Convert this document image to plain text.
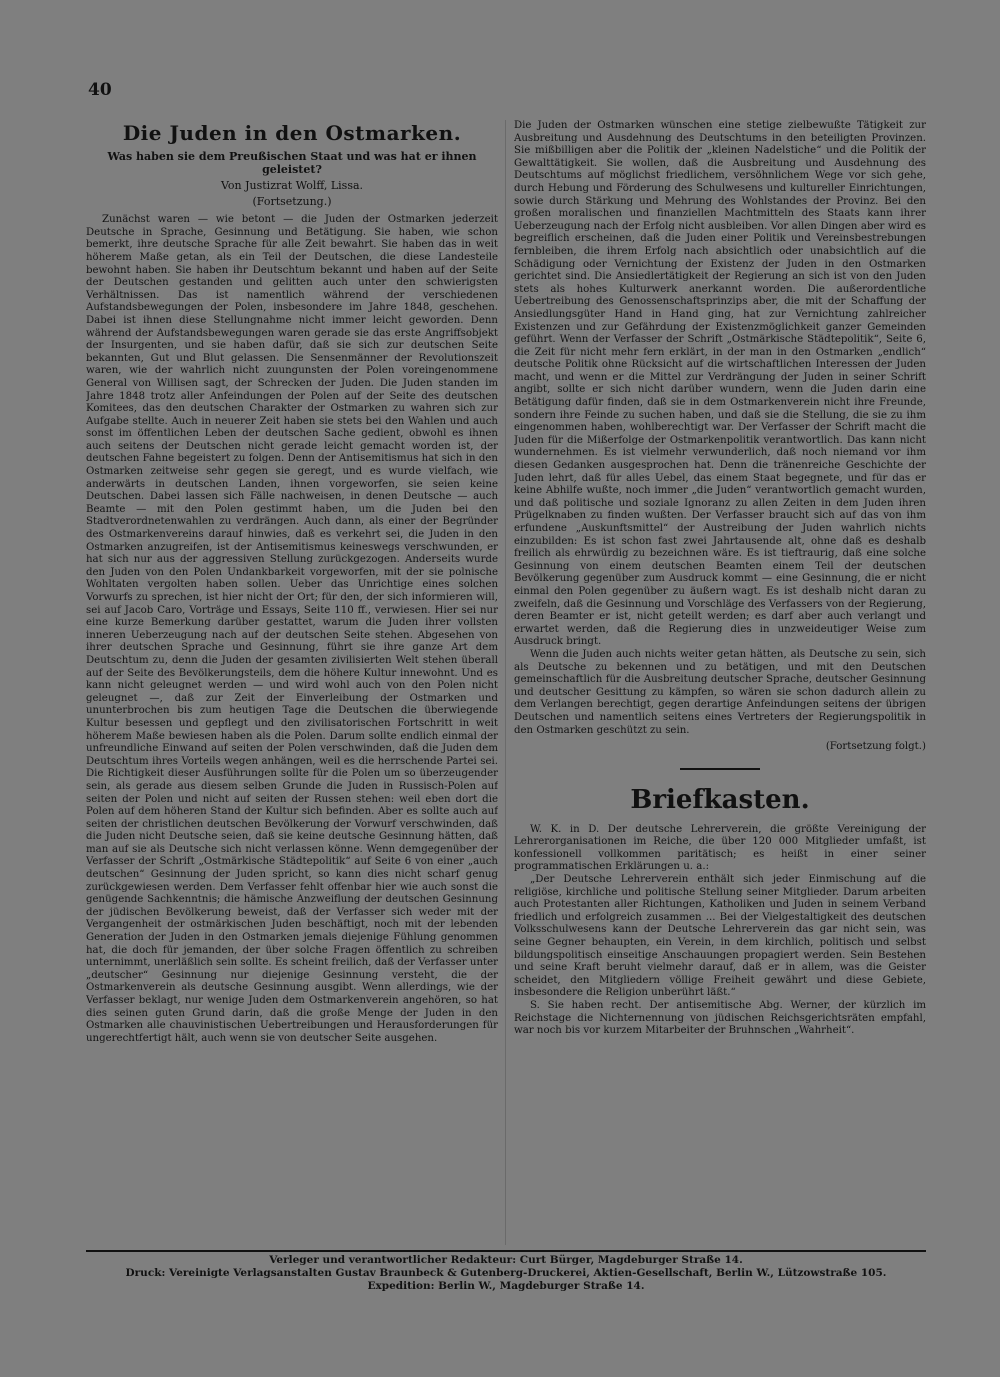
40
Die Juden in den Ostmarken.
Was haben sie dem Preußischen Staat und was hat er ihnen geleistet?
Von Justizrat Wolff, Lissa.
(Fortsetzung.)

Zunächst waren — wie betont — die Juden der Ostmarken jederzeit Deutsche in Sprache, Gesinnung und Betätigung. Sie haben, wie schon bemerkt, ihre deutsche Sprache für alle Zeit bewahrt. Sie haben das in weit höherem Maße getan, als ein Teil der Deutschen, die diese Landesteile bewohnt haben. Sie haben ihr Deutschtum bekannt und haben auf der Seite der Deutschen gestanden und gelitten auch unter den schwierigsten Verhältnissen. Das ist namentlich während der verschiedenen Aufstandsbewegungen der Polen, insbesondere im Jahre 1848, geschehen. Dabei ist ihnen diese Stellungnahme nicht immer leicht geworden. Denn während der Aufstandsbewegungen waren gerade sie das erste Angriffsobjekt der Insurgenten, und sie haben dafür, daß sie sich zur deutschen Seite bekannten, Gut und Blut gelassen. Die Sensenmänner der Revolutionszeit waren, wie der wahrlich nicht zuungunsten der Polen voreingenommene General von Willisen sagt, der Schrecken der Juden. Die Juden standen im Jahre 1848 trotz aller Anfeindungen der Polen auf der Seite des deutschen Komitees, das den deutschen Charakter der Ostmarken zu wahren sich zur Aufgabe stellte. Auch in neuerer Zeit haben sie stets bei den Wahlen und auch sonst im öffentlichen Leben der deutschen Sache gedient, obwohl es ihnen auch seitens der Deutschen nicht gerade leicht gemacht worden ist, der deutschen Fahne begeistert zu folgen. Denn der Antisemitismus hat sich in den Ostmarken zeitweise sehr gegen sie geregt, und es wurde vielfach, wie anderwärts in deutschen Landen, ihnen vorgeworfen, sie seien keine Deutschen. Dabei lassen sich Fälle nachweisen, in denen Deutsche — auch Beamte — mit den Polen gestimmt haben, um die Juden bei den Stadtverordnetenwahlen zu verdrängen. Auch dann, als einer der Begründer des Ostmarkenvereins darauf hinwies, daß es verkehrt sei, die Juden in den Ostmarken anzugreifen, ist der Antisemitismus keineswegs verschwunden, er hat sich nur aus der aggressiven Stellung zurückgezogen. Anderseits wurde den Juden von den Polen Undankbarkeit vorgeworfen, mit der sie polnische Wohltaten vergolten haben sollen. Ueber das Unrichtige eines solchen Vorwurfs zu sprechen, ist hier nicht der Ort; für den, der sich informieren will, sei auf Jacob Caro, Vorträge und Essays, Seite 110 ff., verwiesen. Hier sei nur eine kurze Bemerkung darüber gestattet, warum die Juden ihrer vollsten inneren Ueberzeugung nach auf der deutschen Seite stehen. Abgesehen von ihrer deutschen Sprache und Gesinnung, führt sie ihre ganze Art dem Deutschtum zu, denn die Juden der gesamten zivilisierten Welt stehen überall auf der Seite des Bevölkerungsteils, dem die höhere Kultur innewohnt. Und es kann nicht geleugnet werden — und wird wohl auch von den Polen nicht geleugnet —, daß zur Zeit der Einverleibung der Ostmarken und ununterbrochen bis zum heutigen Tage die Deutschen die überwiegende Kultur besessen und gepflegt und den zivilisatorischen Fortschritt in weit höherem Maße bewiesen haben als die Polen. Darum sollte endlich einmal der unfreundliche Einwand auf seiten der Polen verschwinden, daß die Juden dem Deutschtum ihres Vorteils wegen anhängen, weil es die herrschende Partei sei. Die Richtigkeit dieser Ausführungen sollte für die Polen um so überzeugender sein, als gerade aus diesem selben Grunde die Juden in Russisch-Polen auf seiten der Polen und nicht auf seiten der Russen stehen: weil eben dort die Polen auf dem höheren Stand der Kultur sich befinden. Aber es sollte auch auf seiten der christlichen deutschen Bevölkerung der Vorwurf verschwinden, daß die Juden nicht Deutsche seien, daß sie keine deutsche Gesinnung hätten, daß man auf sie als Deutsche sich nicht verlassen könne. Wenn demgegenüber der Verfasser der Schrift „Ostmärkische Städtepolitik“ auf Seite 6 von einer „auch deutschen“ Gesinnung der Juden spricht, so kann dies nicht scharf genug zurückgewiesen werden. Dem Verfasser fehlt offenbar hier wie auch sonst die genügende Sachkenntnis; die hämische Anzweiflung der deutschen Gesinnung der jüdischen Bevölkerung beweist, daß der Verfasser sich weder mit der Vergangenheit der ostmärkischen Juden beschäftigt, noch mit der lebenden Generation der Juden in den Ostmarken jemals diejenige Fühlung genommen hat, die doch für jemanden, der über solche Fragen öffentlich zu schreiben unternimmt, unerläßlich sein sollte. Es scheint freilich, daß der Verfasser unter „deutscher“ Gesinnung nur diejenige Gesinnung versteht, die der Ostmarkenverein als deutsche Gesinnung ausgibt. Wenn allerdings, wie der Verfasser beklagt, nur wenige Juden dem Ostmarkenverein angehören, so hat dies seinen guten Grund darin, daß die große Menge der Juden in den Ostmarken alle chauvinistischen Uebertreibungen und Herausforderungen für ungerechtfertigt hält, auch wenn sie von deutscher Seite ausgehen.

Die Juden der Ostmarken wünschen eine stetige zielbewußte Tätigkeit zur Ausbreitung und Ausdehnung des Deutschtums in den beteiligten Provinzen. Sie mißbilligen aber die Politik der „kleinen Nadelstiche“ und die Politik der Gewalttätigkeit. Sie wollen, daß die Ausbreitung und Ausdehnung des Deutschtums auf möglichst friedlichem, versöhnlichem Wege vor sich gehe, durch Hebung und Förderung des Schulwesens und kultureller Einrichtungen, sowie durch Stärkung und Mehrung des Wohlstandes der Provinz. Bei den großen moralischen und finanziellen Machtmitteln des Staats kann ihrer Ueberzeugung nach der Erfolg nicht ausbleiben. Vor allen Dingen aber wird es begreiflich erscheinen, daß die Juden einer Politik und Vereinsbestrebungen fernbleiben, die ihrem Erfolg nach absichtlich oder unabsichtlich auf die Schädigung oder Vernichtung der Existenz der Juden in den Ostmarken gerichtet sind. Die Ansiedlertätigkeit der Regierung an sich ist von den Juden stets als hohes Kulturwerk anerkannt worden. Die außerordentliche Uebertreibung des Genossenschaftsprinzips aber, die mit der Schaffung der Ansiedlungsgüter Hand in Hand ging, hat zur Vernichtung zahlreicher Existenzen und zur Gefährdung der Existenzmöglichkeit ganzer Gemeinden geführt. Wenn der Verfasser der Schrift „Ostmärkische Städtepolitik“, Seite 6, die Zeit für nicht mehr fern erklärt, in der man in den Ostmarken „endlich“ deutsche Politik ohne Rücksicht auf die wirtschaftlichen Interessen der Juden macht, und wenn er die Mittel zur Verdrängung der Juden in seiner Schrift angibt, sollte er sich nicht darüber wundern, wenn die Juden darin eine Betätigung dafür finden, daß sie in dem Ostmarkenverein nicht ihre Freunde, sondern ihre Feinde zu suchen haben, und daß sie die Stellung, die sie zu ihm eingenommen haben, wohlberechtigt war. Der Verfasser der Schrift macht die Juden für die Mißerfolge der Ostmarkenpolitik verantwortlich. Das kann nicht wundernehmen. Es ist vielmehr verwunderlich, daß noch niemand vor ihm diesen Gedanken ausgesprochen hat. Denn die tränenreiche Geschichte der Juden lehrt, daß für alles Uebel, das einem Staat begegnete, und für das er keine Abhilfe wußte, noch immer „die Juden“ verantwortlich gemacht wurden, und daß politische und soziale Ignoranz zu allen Zeiten in dem Juden ihren Prügelknaben zu finden wußten. Der Verfasser braucht sich auf das von ihm erfundene „Auskunftsmittel“ der Austreibung der Juden wahrlich nichts einzubilden: Es ist schon fast zwei Jahrtausende alt, ohne daß es deshalb freilich als ehrwürdig zu bezeichnen wäre. Es ist tieftraurig, daß eine solche Gesinnung von einem deutschen Beamten einem Teil der deutschen Bevölkerung gegenüber zum Ausdruck kommt — eine Gesinnung, die er nicht einmal den Polen gegenüber zu äußern wagt. Es ist deshalb nicht daran zu zweifeln, daß die Gesinnung und Vorschläge des Verfassers von der Regierung, deren Beamter er ist, nicht geteilt werden; es darf aber auch verlangt und erwartet werden, daß die Regierung dies in unzweideutiger Weise zum Ausdruck bringt.

Wenn die Juden auch nichts weiter getan hätten, als Deutsche zu sein, sich als Deutsche zu bekennen und zu betätigen, und mit den Deutschen gemeinschaftlich für die Ausbreitung deutscher Sprache, deutscher Gesinnung und deutscher Gesittung zu kämpfen, so wären sie schon dadurch allein zu dem Verlangen berechtigt, gegen derartige Anfeindungen seitens der übrigen Deutschen und namentlich seitens eines Vertreters der Regierungspolitik in den Ostmarken geschützt zu sein.

(Fortsetzung folgt.)
Briefkasten.

W. K. in D. Der deutsche Lehrerverein, die größte Vereinigung der Lehrerorganisationen im Reiche, die über 120 000 Mitglieder umfaßt, ist konfessionell vollkommen paritätisch; es heißt in einer seiner programmatischen Erklärungen u. a.:

„Der Deutsche Lehrerverein enthält sich jeder Einmischung auf die religiöse, kirchliche und politische Stellung seiner Mitglieder. Darum arbeiten auch Protestanten aller Richtungen, Katholiken und Juden in seinem Verband friedlich und erfolgreich zusammen ... Bei der Vielgestaltigkeit des deutschen Volksschulwesens kann der Deutsche Lehrerverein das gar nicht sein, was seine Gegner behaupten, ein Verein, in dem kirchlich, politisch und selbst bildungspolitisch einseitige Anschauungen propagiert werden. Sein Bestehen und seine Kraft beruht vielmehr darauf, daß er in allem, was die Geister scheidet, den Mitgliedern völlige Freiheit gewährt und diese Gebiete, insbesondere die Religion unberührt läßt.“

S. Sie haben recht. Der antisemitische Abg. Werner, der kürzlich im Reichstage die Nichternennung von jüdischen Reichsgerichtsräten empfahl, war noch bis vor kurzem Mitarbeiter der Bruhnschen „Wahrheit“.

Verleger und verantwortlicher Redakteur: Curt Bürger, Magdeburger Straße 14.
Druck: Vereinigte Verlagsanstalten Gustav Braunbeck & Gutenberg-Druckerei, Aktien-Gesellschaft, Berlin W., Lützowstraße 105.
Expedition: Berlin W., Magdeburger Straße 14.
